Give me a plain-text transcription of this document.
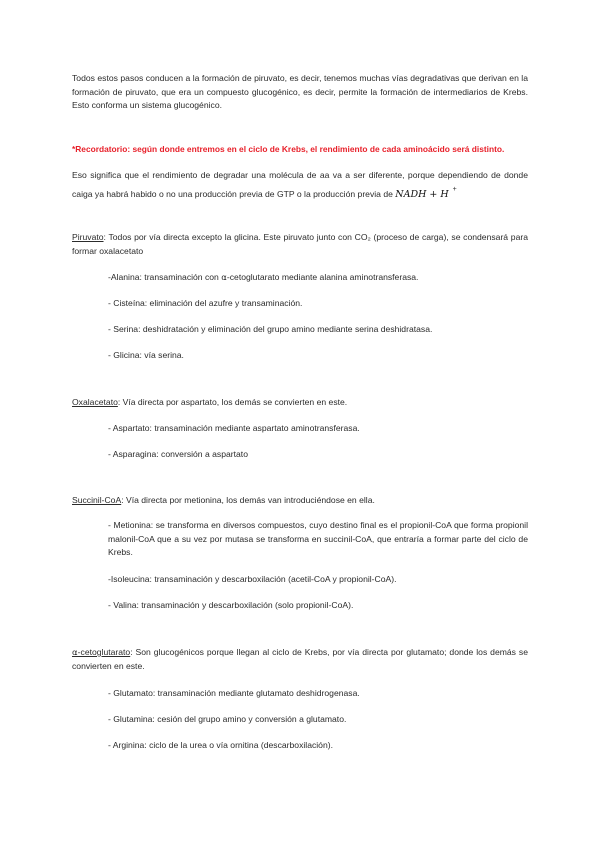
Todos estos pasos conducen a la formación de piruvato, es decir, tenemos muchas vías degradativas que derivan en la formación de piruvato, que era un compuesto glucogénico, es decir, permite la formación de intermediarios de Krebs. Esto conforma un sistema glucogénico.

*Recordatorio: según donde entremos en el ciclo de Krebs, el rendimiento de cada aminoácido será distinto.

Eso significa que el rendimiento de degradar una molécula de aa va a ser diferente, porque dependiendo de donde caiga ya habrá habido o no una producción previa de GTP o la producción previa de NADH + H +

Piruvato: Todos por vía directa excepto la glicina. Este piruvato junto con CO₂ (proceso de carga), se condensará para formar oxalacetato

-Alanina: transaminación con ⍺-cetoglutarato mediante alanina aminotransferasa.

- Cisteína: eliminación del azufre y transaminación.

- Serina: deshidratación y eliminación del grupo amino mediante serina deshidratasa.

- Glicina: vía serina.

Oxalacetato: Vía directa por aspartato, los demás se convierten en este.

- Aspartato: transaminación mediante aspartato aminotransferasa.

- Asparagina: conversión a aspartato

Succinil-CoA: Vía directa por metionina, los demás van introduciéndose en ella.

- Metionina: se transforma en diversos compuestos, cuyo destino final es el propionil-CoA que forma propionil malonil-CoA que a su vez por mutasa se transforma en succinil-CoA, que entraría a formar parte del ciclo de Krebs.

-Isoleucina: transaminación y descarboxilación (acetil-CoA y propionil-CoA).

- Valina: transaminación y descarboxilación (solo propionil-CoA).

⍺-cetoglutarato: Son glucogénicos porque llegan al ciclo de Krebs, por vía directa por glutamato; donde los demás se convierten en este.

- Glutamato: transaminación mediante glutamato deshidrogenasa.

- Glutamina: cesión del grupo amino y conversión a glutamato.

- Arginina: ciclo de la urea o vía ornitina (descarboxilación).
